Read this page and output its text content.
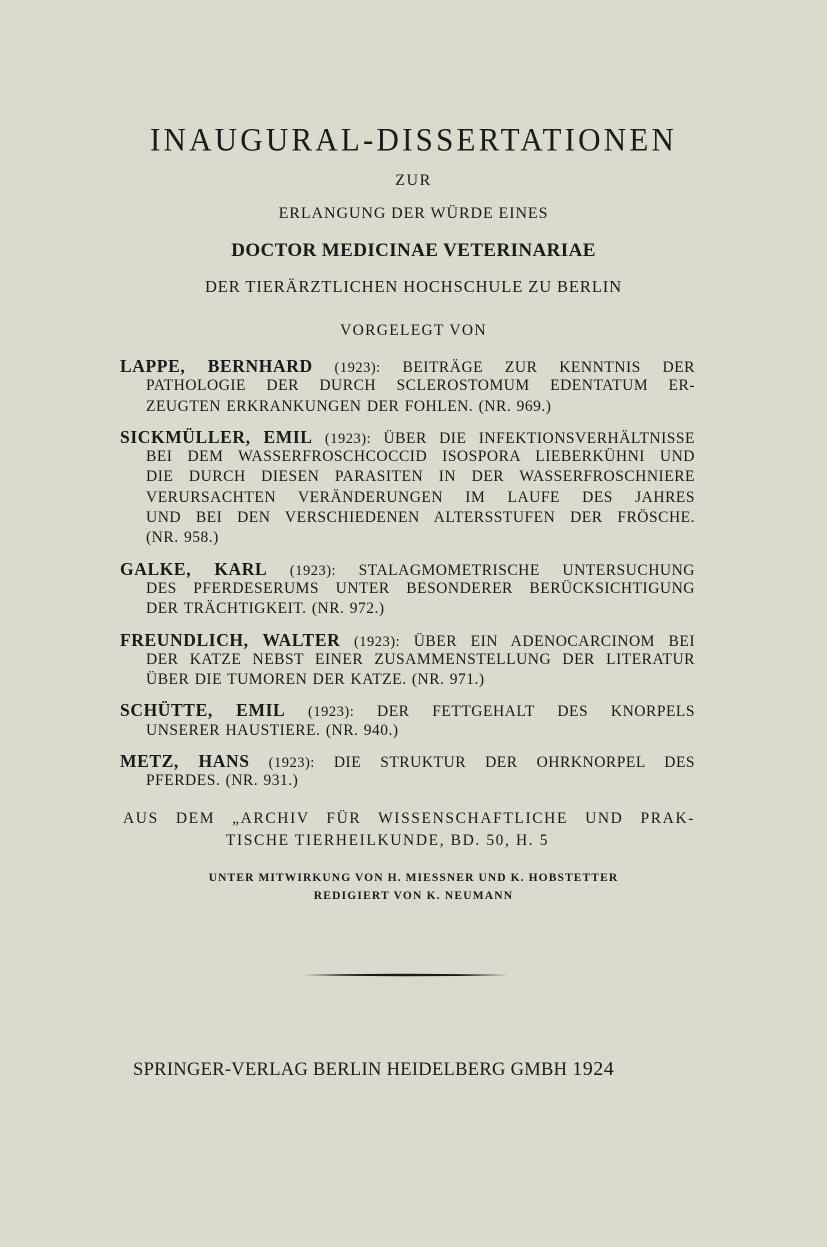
INAUGURAL-DISSERTATIONEN
ZUR
ERLANGUNG DER WÜRDE EINES
DOCTOR MEDICINAE VETERINARIAE
DER TIERÄRZTLICHEN HOCHSCHULE ZU BERLIN
VORGELEGT VON
LAPPE, BERNHARD (1923): BEITRÄGE ZUR KENNTNIS DER
PATHOLOGIE DER DURCH SCLEROSTOMUM EDENTATUM ER-
ZEUGTEN ERKRANKUNGEN DER FOHLEN. (NR. 969.)
SICKMÜLLER, EMIL (1923): ÜBER DIE INFEKTIONSVERHÄLTNISSE
BEI DEM WASSERFROSCHCOCCID ISOSPORA LIEBERKÜHNI UND
DIE DURCH DIESEN PARASITEN IN DER WASSERFROSCHNIERE
VERURSACHTEN VERÄNDERUNGEN IM LAUFE DES JAHRES
UND BEI DEN VERSCHIEDENEN ALTERSSTUFEN DER FRÖSCHE.
(NR. 958.)
GALKE, KARL (1923): STALAGMOMETRISCHE UNTERSUCHUNG
DES PFERDESERUMS UNTER BESONDERER BERÜCKSICHTIGUNG
DER TRÄCHTIGKEIT. (NR. 972.)
FREUNDLICH, WALTER (1923): ÜBER EIN ADENOCARCINOM BEI
DER KATZE NEBST EINER ZUSAMMENSTELLUNG DER LITERATUR
ÜBER DIE TUMOREN DER KATZE. (NR. 971.)
SCHÜTTE, EMIL (1923): DER FETTGEHALT DES KNORPELS
UNSERER HAUSTIERE. (NR. 940.)
METZ, HANS (1923): DIE STRUKTUR DER OHRKNORPEL DES
PFERDES. (NR. 931.)
AUS DEM „ARCHIV FÜR WISSENSCHAFTLICHE UND PRAK-
TISCHE TIERHEILKUNDE, BD. 50, H. 5
UNTER MITWIRKUNG VON H. MIESSNER UND K. HOBSTETTER
REDIGIERT VON K. NEUMANN
SPRINGER-VERLAG BERLIN HEIDELBERG GMBH 1924
